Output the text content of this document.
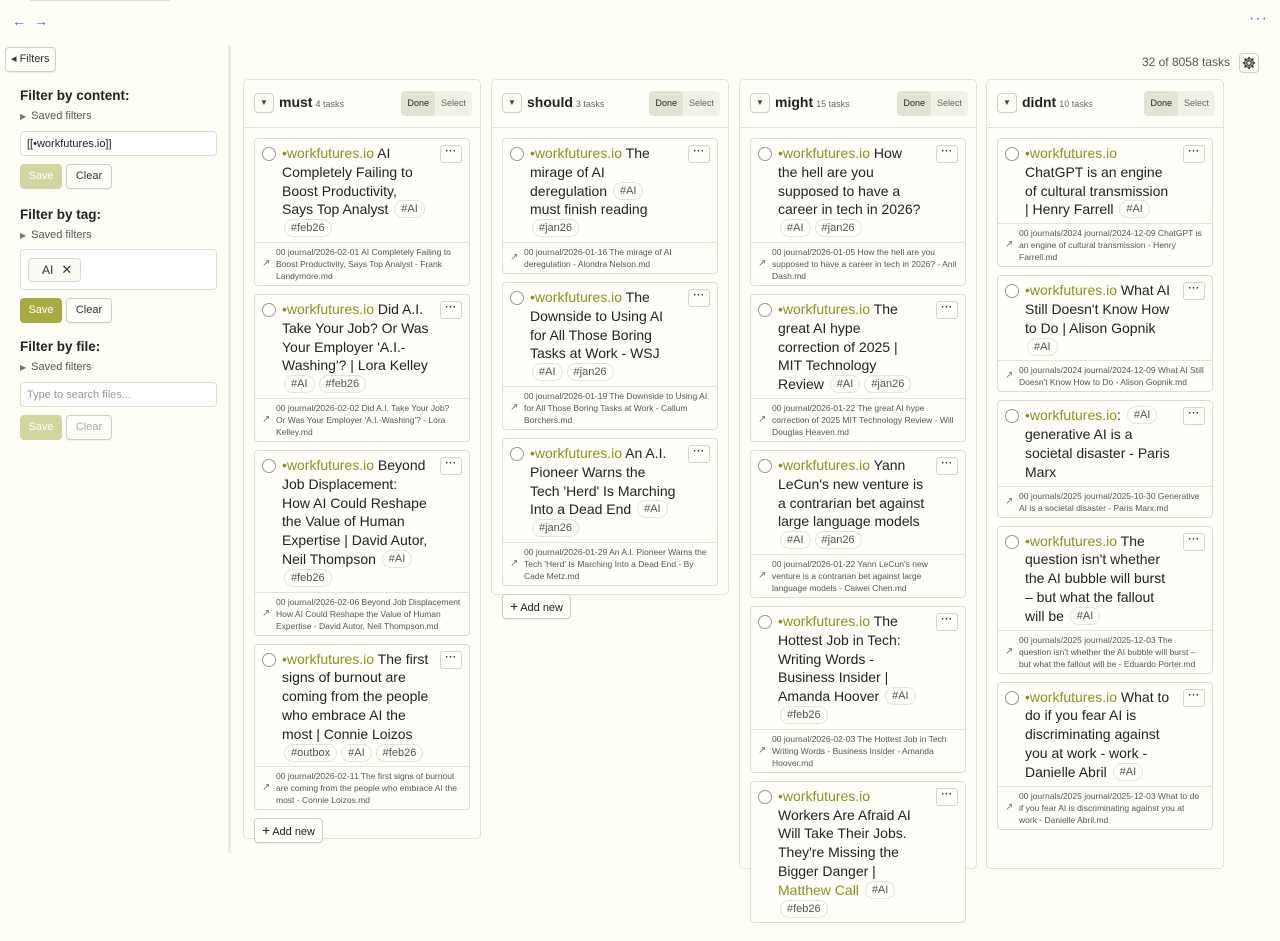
← →	···
◂ Filters
Filter by content:
▶ Saved filters
[[•workfutures.io]]
Save Clear
Filter by tag:
▶ Saved filters
AI ✕
Save Clear
Filter by file:
▶ Saved filters
Type to search files...
Save Clear
32 of 8058 tasks
▼ must 4 tasks	Done Select
···
•workfutures.io AI Completely Failing to Boost Productivity, Says Top Analyst #AI#feb26
↗
00 journal/2026-02-01 AI Completely Failing to Boost Productivity, Says Top Analyst - Frank Landymore.md
···
•workfutures.io Did A.I. Take Your Job? Or Was Your Employer 'A.I.-Washing'? | Lora Kelley #AI #feb26
↗
00 journal/2026-02-02 Did A.I. Take Your Job? Or Was Your Employer 'A.I.-Washing'? - Lora Kelley.md
···
•workfutures.io Beyond Job Displacement: How AI Could Reshape the Value of Human Expertise | David Autor, Neil Thompson #AI#feb26
↗
00 journal/2026-02-06 Beyond Job Displacement How AI Could Reshape the Value of Human Expertise - David Autor, Neil Thompson.md
···
•workfutures.io The first signs of burnout are coming from the people who embrace AI the most | Connie Loizos #outbox #AI #feb26
↗
00 journal/2026-02-11 The first signs of burnout are coming from the people who embrace AI the most - Connie Loizos.md
+ Add new
▼ should 3 tasks	Done Select
···
•workfutures.io The mirage of AI deregulation #AI must finish reading #jan26
↗ 00 journal/2026-01-16 The mirage of AI deregulation - Alondra Nelson.md
···
•workfutures.io The Downside to Using AI for All Those Boring Tasks at Work - WSJ #AI #jan26
↗
00 journal/2026-01-19 The Downside to Using AI for All Those Boring Tasks at Work - Callum Borchers.md
···
•workfutures.io An A.I. Pioneer Warns the Tech 'Herd' Is Marching Into a Dead End #AI#jan26
↗
00 journal/2026-01-29 An A.I. Pioneer Warns the Tech 'Herd' Is Marching Into a Dead End - By Cade Metz.md
+ Add new
▼ might 15 tasks	Done Select
···
•workfutures.io How the hell are you supposed to have a career in tech in 2026? #AI #jan26
↗
00 journal/2026-01-05 How the hell are you supposed to have a career in tech in 2026? - Anil Dash.md
···
•workfutures.io The great AI hype correction of 2025 | MIT Technology Review #AI #jan26
↗
00 journal/2026-01-22 The great AI hype correction of 2025 MIT Technology Review - Will Douglas Heaven.md
···
•workfutures.io Yann LeCun's new venture is a contrarian bet against large language models #AI #jan26
↗
00 journal/2026-01-22 Yann LeCun's new venture is a contrarian bet against large language models - Caiwei Chen.md
···
•workfutures.io The Hottest Job in Tech: Writing Words - Business Insider | Amanda Hoover #AI#feb26
↗
00 journal/2026-02-03 The Hottest Job in Tech Writing Words - Business Insider - Amanda Hoover.md
···
•workfutures.io Workers Are Afraid AI Will Take Their Jobs. They're Missing the Bigger Danger | Matthew Call #AI#feb26
▼ didnt 10 tasks	Done Select
···
•workfutures.io ChatGPT is an engine of cultural transmission | Henry Farrell #AI
↗
00 journals/2024 journal/2024-12-09 ChatGPT is an engine of cultural transmission - Henry Farrell.md
···
•workfutures.io What AI Still Doesn't Know How to Do | Alison Gopnik #AI
↗ 00 journals/2024 journal/2024-12-09 What AI Still Doesn't Know How to Do - Alison Gopnik.md
···
•workfutures.io: #AI generative AI is a societal disaster - Paris Marx
↗ 00 journals/2025 journal/2025-10-30 Generative AI is a societal disaster - Paris Marx.md
···
•workfutures.io The question isn't whether the AI bubble will burst – but what the fallout will be #AI
↗
00 journals/2025 journal/2025-12-03 The question isn't whether the AI bubble will burst – but what the fallout will be - Eduardo Porter.md
···
•workfutures.io What to do if you fear AI is discriminating against you at work - work - Danielle Abril #AI
↗
00 journals/2025 journal/2025-12-03 What to do if you fear AI is discriminating against you at work - Danielle Abril.md
